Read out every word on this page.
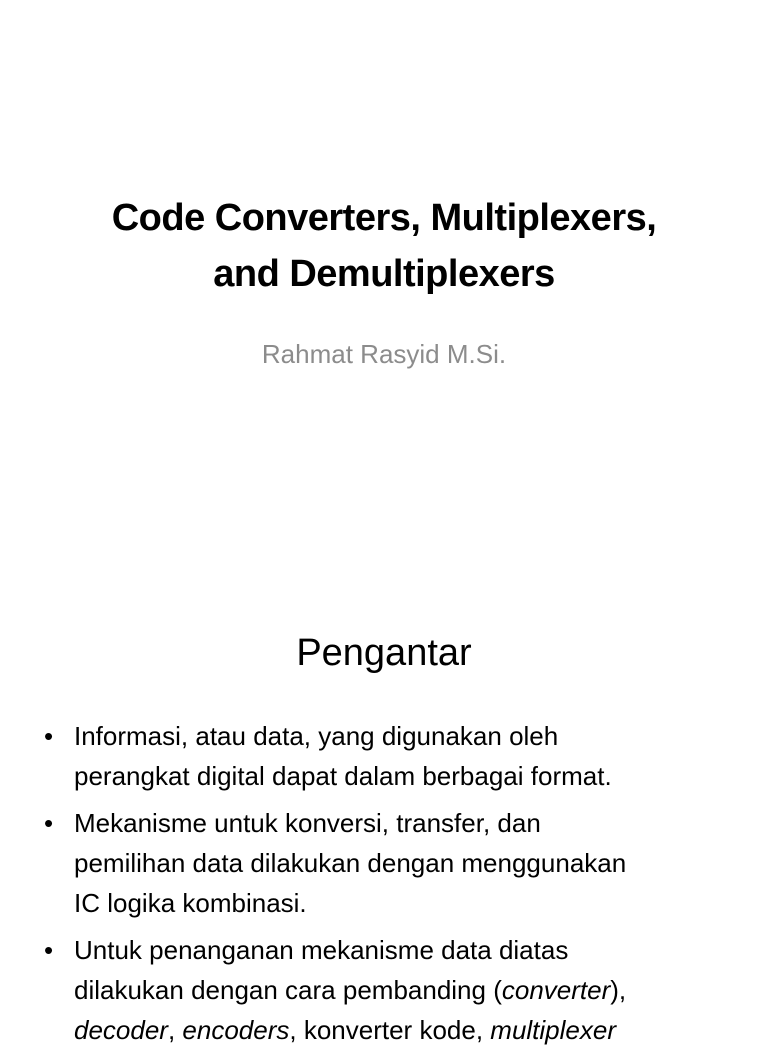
Code Converters, Multiplexers,
and Demultiplexers
Rahmat Rasyid M.Si.
Pengantar
• Informasi, atau data, yang digunakan oleh
perangkat digital dapat dalam berbagai format.
• Mekanisme untuk konversi, transfer, dan
pemilihan data dilakukan dengan menggunakan
IC logika kombinasi.
• Untuk penanganan mekanisme data diatas
dilakukan dengan cara pembanding (converter),
decoder, encoders, konverter kode, multiplexer
